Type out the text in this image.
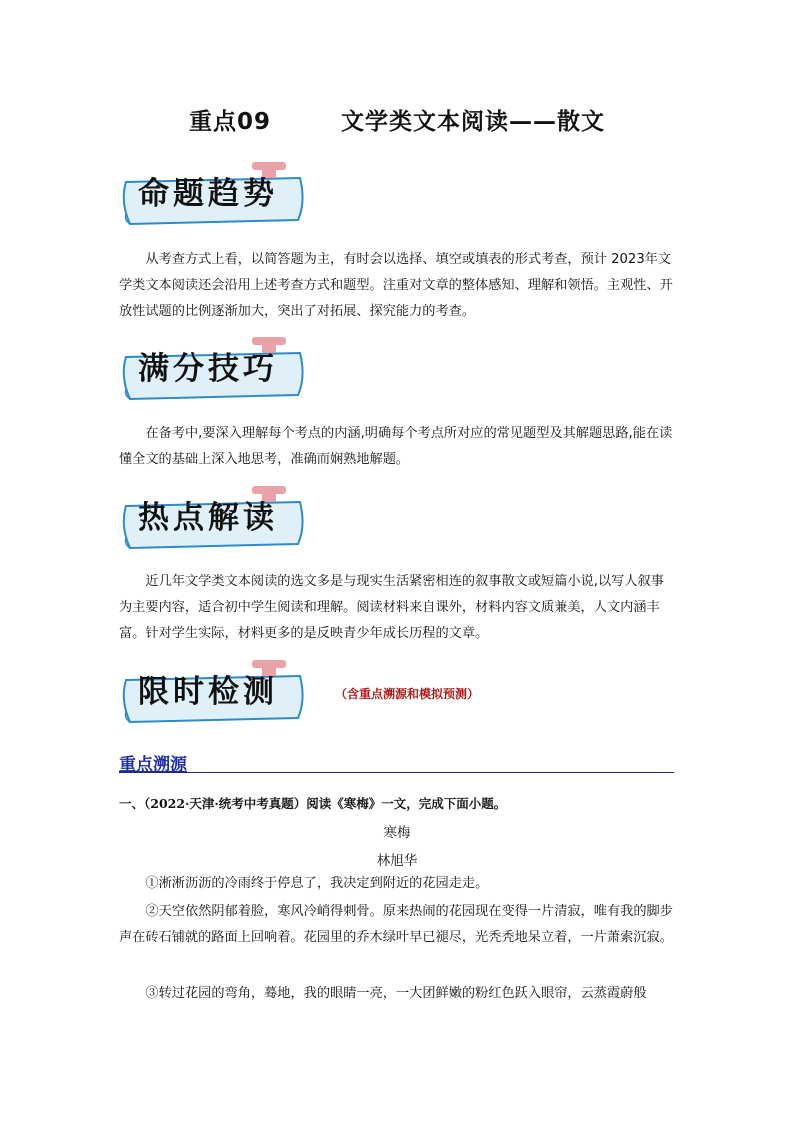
重点09	文学类文本阅读——散文
命题趋势

从考查方式上看，以简答题为主，有时会以选择、填空或填表的形式考查，预计 2023年文学类文本阅读还会沿用上述考查方式和题型。注重对文章的整体感知、理解和领悟。主观性、开放性试题的比例逐渐加大，突出了对拓展、探究能力的考查。

满分技巧

在备考中,要深入理解每个考点的内涵,明确每个考点所对应的常见题型及其解题思路,能在读懂全文的基础上深入地思考，准确而娴熟地解题。

热点解读

近几年文学类文本阅读的选文多是与现实生活紧密相连的叙事散文或短篇小说,以写人叙事为主要内容，适合初中学生阅读和理解。阅读材料来自课外，材料内容文质兼美，人文内涵丰富。针对学生实际，材料更多的是反映青少年成长历程的文章。

限时检测	（含重点溯源和模拟预测）
重点溯源

一、（2022·天津·统考中考真题）阅读《寒梅》一文，完成下面小题。

寒梅

林旭华

①淅淅沥沥的冷雨终于停息了，我决定到附近的花园走走。

②天空依然阴郁着脸，寒风冷峭得刺骨。原来热闹的花园现在变得一片清寂，唯有我的脚步声在砖石铺就的路面上回响着。花园里的乔木绿叶早已褪尽，光秃秃地呆立着，一片萧索沉寂。

③转过花园的弯角，蓦地，我的眼睛一亮，一大团鲜嫩的粉红色跃入眼帘，云蒸霞蔚般
